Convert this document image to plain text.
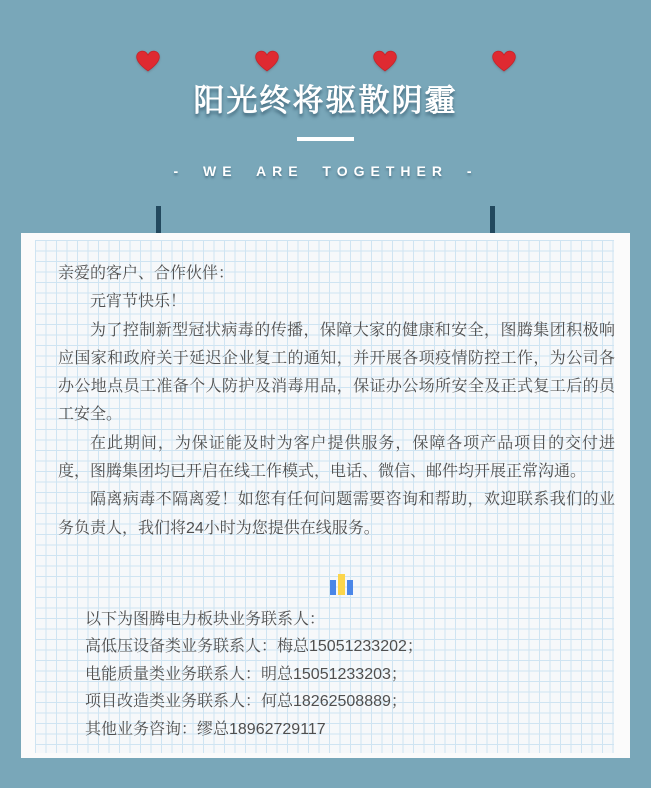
阳光终将驱散阴霾
- WE ARE TOGETHER -

亲爱的客户、合作伙伴：

元宵节快乐！

为了控制新型冠状病毒的传播，保障大家的健康和安全，图腾集团积极响应国家和政府关于延迟企业复工的通知，并开展各项疫情防控工作，为公司各办公地点员工准备个人防护及消毒用品，保证办公场所安全及正式复工后的员工安全。

在此期间，为保证能及时为客户提供服务，保障各项产品项目的交付进度，图腾集团均已开启在线工作模式，电话、微信、邮件均开展正常沟通。

隔离病毒不隔离爱！如您有任何问题需要咨询和帮助，欢迎联系我们的业务负责人，我们将24小时为您提供在线服务。

以下为图腾电力板块业务联系人：
高低压设备类业务联系人：梅总15051233202；
电能质量类业务联系人：明总15051233203；
项目改造类业务联系人：何总18262508889；
其他业务咨询：缪总18962729117
